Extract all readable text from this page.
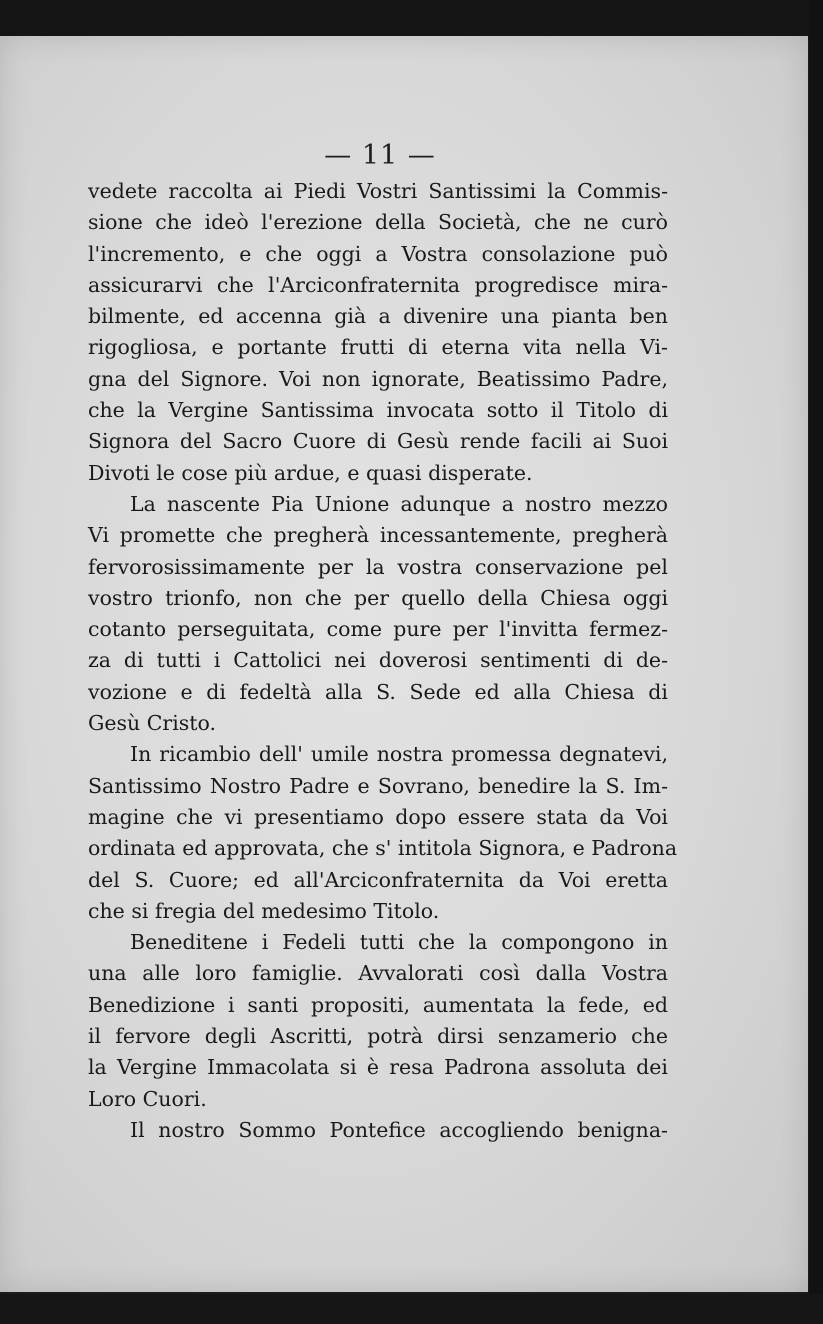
— 11 —
vedete raccolta ai Piedi Vostri Santissimi la Commis-
sione che ideò l'erezione della Società, che ne curò
l'incremento, e che oggi a Vostra consolazione può
assicurarvi che l'Arciconfraternita progredisce mira-
bilmente, ed accenna già a divenire una pianta ben
rigogliosa, e portante frutti di eterna vita nella Vi-
gna del Signore. Voi non ignorate, Beatissimo Padre,
che la Vergine Santissima invocata sotto il Titolo di
Signora del Sacro Cuore di Gesù rende facili ai Suoi
Divoti le cose più ardue, e quasi disperate.
La nascente Pia Unione adunque a nostro mezzo
Vi promette che pregherà incessantemente, pregherà
fervorosissimamente per la vostra conservazione pel
vostro trionfo, non che per quello della Chiesa oggi
cotanto perseguitata, come pure per l'invitta fermez-
za di tutti i Cattolici nei doverosi sentimenti di de-
vozione e di fedeltà alla S. Sede ed alla Chiesa di
Gesù Cristo.
In ricambio dell' umile nostra promessa degnatevi,
Santissimo Nostro Padre e Sovrano, benedire la S. Im-
magine che vi presentiamo dopo essere stata da Voi
ordinata ed approvata, che s' intitola Signora, e Padrona
del S. Cuore; ed all'Arciconfraternita da Voi eretta
che si fregia del medesimo Titolo.
Beneditene i Fedeli tutti che la compongono in
una alle loro famiglie. Avvalorati così dalla Vostra
Benedizione i santi propositi, aumentata la fede, ed
il fervore degli Ascritti, potrà dirsi senzamerio che
la Vergine Immacolata si è resa Padrona assoluta dei
Loro Cuori.
Il nostro Sommo Pontefice accogliendo benigna-
